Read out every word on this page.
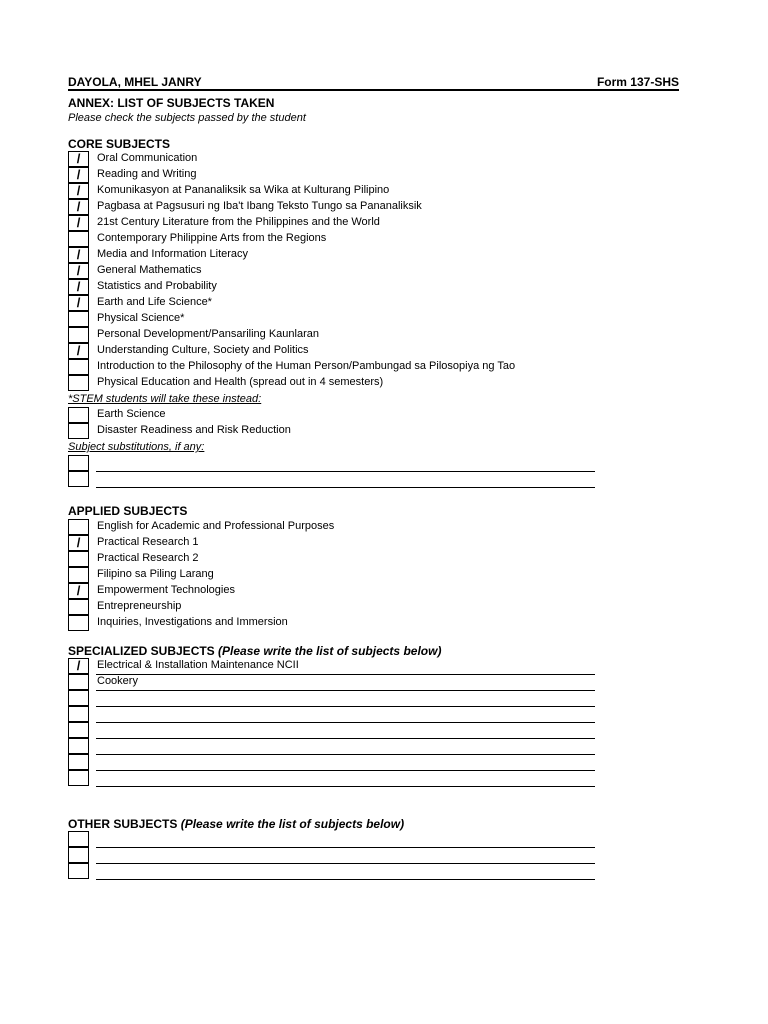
DAYOLA, MHEL JANRY	Form 137-SHS
ANNEX: LIST OF SUBJECTS TAKEN
Please check the subjects passed by the student
CORE SUBJECTS
/	Oral Communication
/	Reading and Writing
/	Komunikasyon at Pananaliksik sa Wika at Kulturang Pilipino
/	Pagbasa at Pagsusuri ng Iba't Ibang Teksto Tungo sa Pananaliksik
/	21st Century Literature from the Philippines and the World
Contemporary Philippine Arts from the Regions
/	Media and Information Literacy
/	General Mathematics
/	Statistics and Probability
/	Earth and Life Science*
Physical Science*
Personal Development/Pansariling Kaunlaran
/	Understanding Culture, Society and Politics
Introduction to the Philosophy of the Human Person/Pambungad sa Pilosopiya ng Tao
Physical Education and Health (spread out in 4 semesters)
*STEM students will take these instead:
Earth Science
Disaster Readiness and Risk Reduction
Subject substitutions, if any:
APPLIED SUBJECTS
English for Academic and Professional Purposes
/	Practical Research 1
Practical Research 2
Filipino sa Piling Larang
/	Empowerment Technologies
Entrepreneurship
Inquiries, Investigations and Immersion
SPECIALIZED SUBJECTS (Please write the list of subjects below)
/	Electrical & Installation Maintenance NCII
Cookery
OTHER SUBJECTS (Please write the list of subjects below)
